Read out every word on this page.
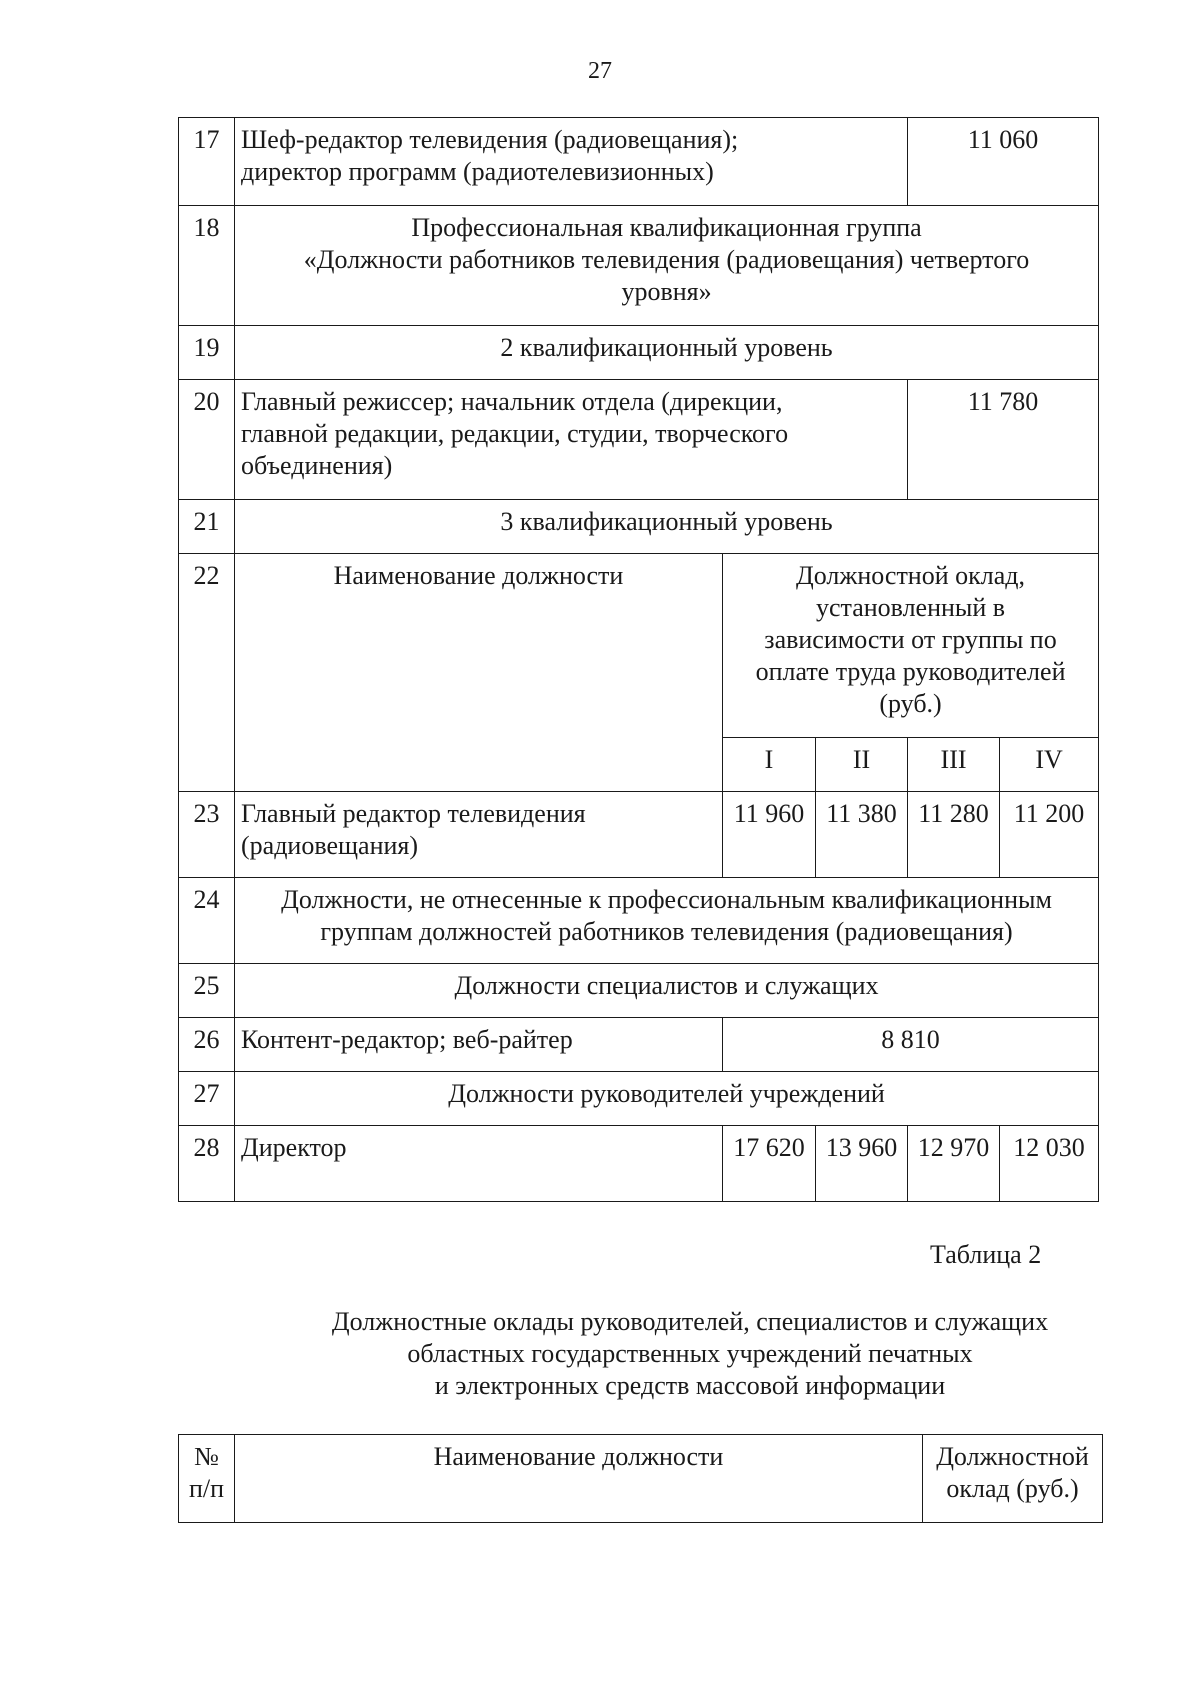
27
17	Шеф-редактор телевидения (радиовещания);
директор программ (радиотелевизионных)			11 060	
18	Профессиональная квалификационная группа
«Должности работников телевидения (радиовещания) четвертого
уровня»				

19	2 квалификационный уровень				
20	Главный режиссер; начальник отдела (дирекции,
главной редакции, редакции, студии, творческого
объединения)			11 780	
21	3 квалификационный уровень				
22	Наименование должности	Должностной оклад,
установленный в
зависимости от группы по
оплате труда руководителей
(руб.)			

		I	II	III	IV
23	Главный редактор телевидения
(радиовещания)	11 960	11 380	11 280	11 200
24	Должности, не отнесенные к профессиональным квалификационным
группам должностей работников телевидения (радиовещания)				

25	Должности специалистов и служащих				
26	Контент-редактор; веб-райтер	8 810			
27	Должности руководителей учреждений				
28	Директор	17 620	13 960	12 970	12 030
Таблица 2
Должностные оклады руководителей, специалистов и служащих
областных государственных учреждений печатных
и электронных средств массовой информации
№
п/п
	Наименование должности	Должностной
оклад (руб.)
